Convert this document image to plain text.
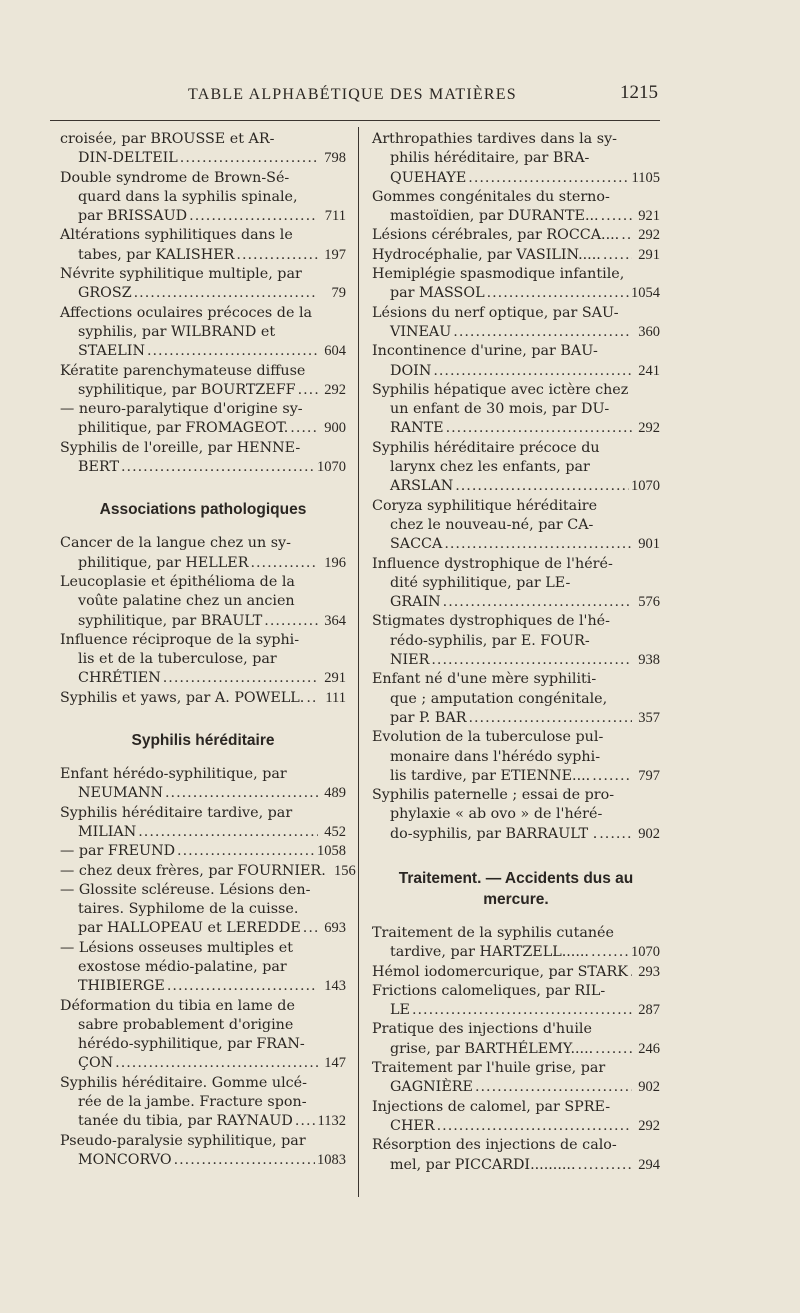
TABLE ALPHABÉTIQUE DES MATIÈRES	1215
croisée, par BROUSSE et AR-
DIN-DELTEIL .....	798
Double syndrome de Brown-Sé-
quard dans la syphilis spinale,
par BRISSAUD .....	711
Altérations syphilitiques dans le
tabes, par KALISHER .....	197
Névrite syphilitique multiple, par
GROSZ .....	79
Affections oculaires précoces de la
syphilis, par WILBRAND et
STAELIN .....	604
Kératite parenchymateuse diffuse
syphilitique, par BOURTZEFF ..... 292
— neuro-paralytique d'origine sy-
philitique, par FROMAGEOT. ..... 900
Syphilis de l'oreille, par HENNE-
BERT .....	1070
Associations pathologiques
Cancer de la langue chez un sy-
philitique, par HELLER .....	196
Leucoplasie et épithélioma de la
voûte palatine chez un ancien
syphilitique, par BRAULT .....	364
Influence réciproque de la syphi-
lis et de la tuberculose, par
CHRÉTIEN .....	291
Syphilis et yaws, par A. POWELL. .....	111
Syphilis héréditaire
Enfant hérédo-syphilitique, par
NEUMANN .....	489
Syphilis héréditaire tardive, par
MILIAN .....	452
— par FREUND .....	1058
— chez deux frères, par FOURNIER. 156
— Glossite scléreuse. Lésions den-
taires. Syphilome de la cuisse.
par HALLOPEAU et LEREDDE ..... 693
— Lésions osseuses multiples et
exostose médio-palatine, par
THIBIERGE .....	143
Déformation du tibia en lame de
sabre probablement d'origine
hérédo-syphilitique, par FRAN-
ÇON .....	147
Syphilis héréditaire. Gomme ulcé-
rée de la jambe. Fracture spon-
tanée du tibia, par RAYNAUD ..... 1132
Pseudo-paralysie syphilitique, par
MONCORVO .....	1083
Arthropathies tardives dans la sy-
philis héréditaire, par BRA-
QUEHAYE .....	1105
Gommes congénitales du sterno-
mastoïdien, par DURANTE... .....	921
Lésions cérébrales, par ROCCA.... ..... 292
Hydrocéphalie, par VASILIN..... .....	291
Hemiplégie spasmodique infantile,
par MASSOL .....	1054
Lésions du nerf optique, par SAU-
VINEAU .....	360
Incontinence d'urine, par BAU-
DOIN .....	241
Syphilis hépatique avec ictère chez
un enfant de 30 mois, par DU-
RANTE .....	292
Syphilis héréditaire précoce du
larynx chez les enfants, par
ARSLAN .....	1070
Coryza syphilitique héréditaire
chez le nouveau-né, par CA-
SACCA .....	901
Influence dystrophique de l'héré-
dité syphilitique, par LE-
GRAIN .....	576
Stigmates dystrophiques de l'hé-
rédo-syphilis, par E. FOUR-
NIER .....	938
Enfant né d'une mère syphiliti-
que ; amputation congénitale,
par P. BAR .....	357
Evolution de la tuberculose pul-
monaire dans l'hérédo syphi-
lis tardive, par ETIENNE.... .....	797
Syphilis paternelle ; essai de pro-
phylaxie « ab ovo » de l'héré-
do-syphilis, par BARRAULT . .....	902
Traitement. — Accidents dus au mercure.
Traitement de la syphilis cutanée
tardive, par HARTZELL...... .....	1070
Hémol iodomercurique, par STARK ..... 293
Frictions calomeliques, par RIL-
LE .....	287
Pratique des injections d'huile
grise, par BARTHÉLEMY..... .....	246
Traitement par l'huile grise, par
GAGNIÈRE .....	902
Injections de calomel, par SPRE-
CHER .....	292
Résorption des injections de calo-
mel, par PICCARDI.......... .....	294
